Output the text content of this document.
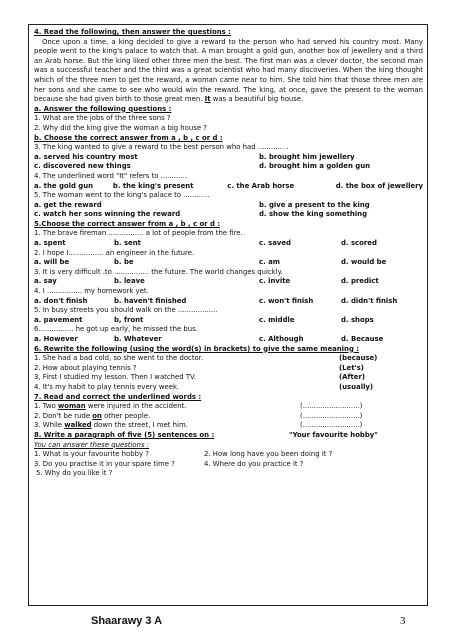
4. Read the following, then answer the questions :
Once upon a time, a king decided to give a reward to the person who had served his country most. Many people went to the king's palace to watch that. A man brought a gold gun, another box of jewellery and a third an Arab horse. But the king liked other three men the best. The first man was a clever doctor, the second man was a successful teacher and the third was a great scientist who had many discoveries. When the king thought which of the three men to get the reward, a woman came near to him. She told him that those three men are her sons and she came to see who would win the reward. The king, at once, gave the present to the woman because she had given birth to those great men. It was a beautiful big house.
a. Answer the following questions :
1. What are the jobs of the three sons ?
2. Why did the king give the woman a big house ?
b. Choose the correct answer from a , b , c or d :
3. The king wanted to give a reward to the best person who had ............ .
a. served his country most	b. brought him jewellery
c. discovered new things	d. brought him a golden gun
4. The underlined word "It" refers to ............
a. the gold gun	b. the king's present	c. the Arab horse	d. the box of jewellery
5. The woman went to the king's palace to ............
a. get the reward	b. give a present to the king
c. watch her sons winning the reward	d. show the king something
5.Choose the correct answer from a , b , c or d :
1. The brave fireman ................ a lot of people from the fire.
a. spent	b. sent	c. saved	d. scored
2. I hope I................ an engineer in the future.
a. will be	b. be	c. am	d. would be
3. It is very difficult .to ................ the future. The world changes quickly.
a. say	b. leave	c. invite	d. predict
4. I ................ my homework yet.
a. don't finish	b. haven't finished	c. won't finish	d. didn't finish
5. In busy streets you should walk on the ..................
a. pavement	b, front	c. middle	d. shops
6................ he got up early, he missed the bus.
a. However	b. Whatever	c. Although	d. Because
6. Rewrite the following (using the word(s) in brackets) to give the same meaning :
1. She had a bad cold, so she went to the doctor.	(because)
2. How about playing tennis ?	(Let's)
3, First I studied my lesson. Then I watched TV.	(After)
4. It's my habit to play tennis every week.	(usually)
7. Read and correct the underlined words :
1. Two woman were injured in the accident.	(..........................)
2. Don't be rude on other people.	(..........................)
3. While walked down the street, I met him.	(..........................)
8. Write a paragraph of five (5) sentences on :	"Your favourite hobby"
You can answer these questions :
1. What is your favourite hobby ?	2. How long have you been doing it ?
3. Do you practise it in your spare time ?	4. Where do you practice it ?
5. Why do you like it ?
Shaarawy 3 A	3
